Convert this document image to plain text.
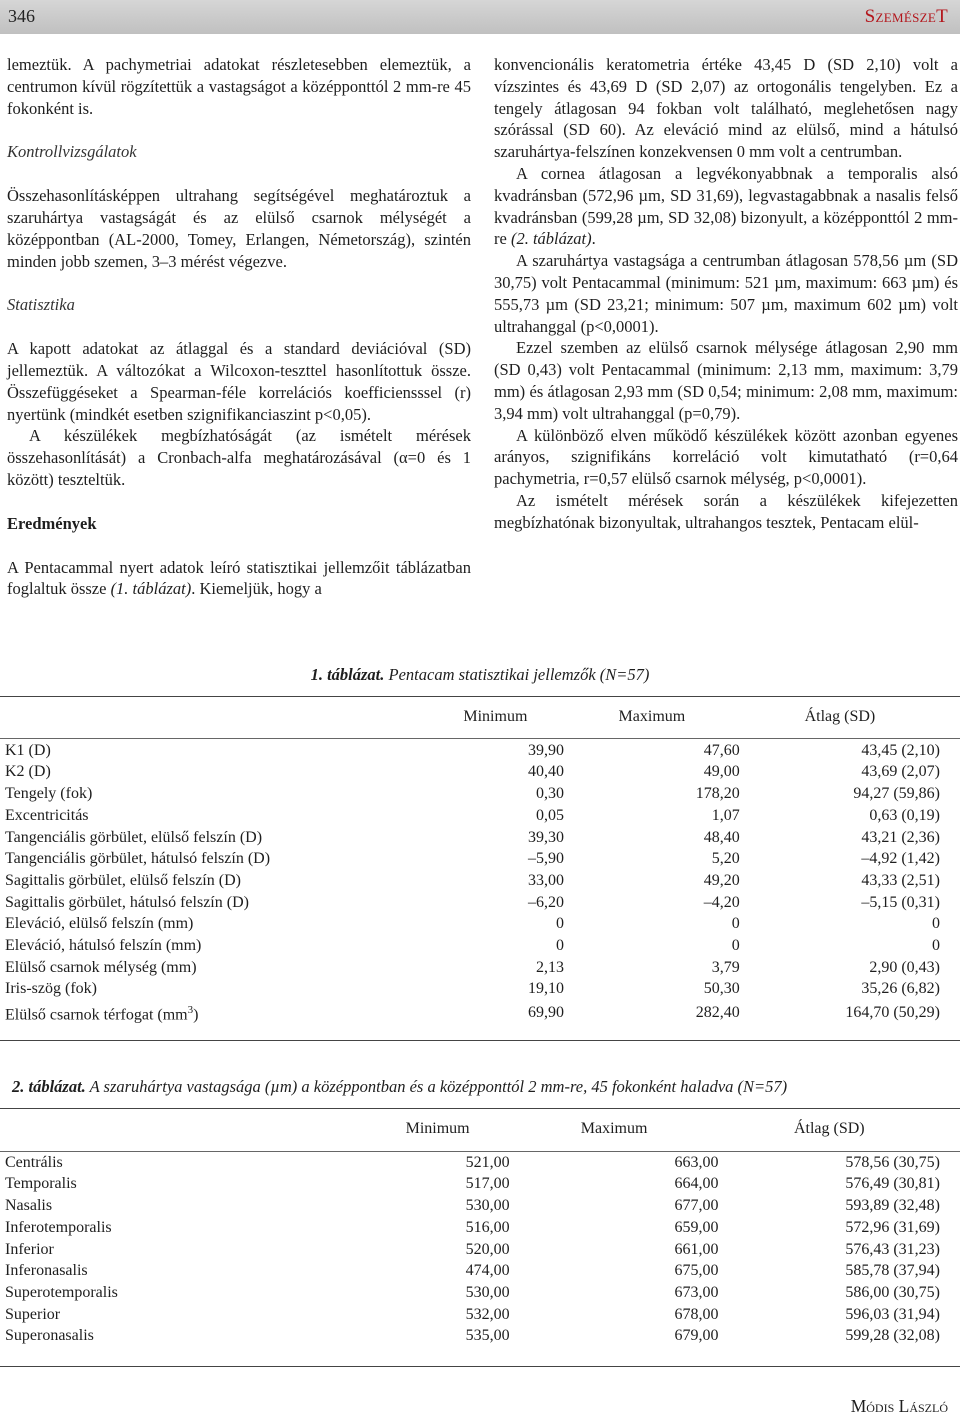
346	SzemészeT

lemeztük. A pachymetriai adatokat részletesebben elemeztük, a centrumon kívül rögzítettük a vastagságot a középponttól 2 mm-re 45 fokonként is.

Kontrollvizsgálatok

Összehasonlításképpen ultrahang segítségével meghatároztuk a szaruhártya vastagságát és az elülső csarnok mélységét a középpontban (AL-2000, Tomey, Erlangen, Németország), szintén minden jobb szemen, 3–3 mérést végezve.

Statisztika

A kapott adatokat az átlaggal és a standard deviációval (SD) jellemeztük. A változókat a Wilcoxon-teszttel hasonlítottuk össze. Összefüggéseket a Spearman-féle korrelációs koefficiensssel (r) nyertünk (mindkét esetben szignifikanciaszint p<0,05).

A készülékek megbízhatóságát (az ismételt mérések összehasonlítását) a Cronbach-alfa meghatározásával (α=0 és 1 között) teszteltük.

Eredmények

A Pentacammal nyert adatok leíró statisztikai jellemzőit táblázatban foglaltuk össze (1. táblázat). Kiemeljük, hogy a

konvencionális keratometria értéke 43,45 D (SD 2,10) volt a vízszintes és 43,69 D (SD 2,07) az ortogonális tengelyben. Ez a tengely átlagosan 94 fokban volt található, meglehetősen nagy szórással (SD 60). Az eleváció mind az elülső, mind a hátulsó szaruhártya-felszínen konzekvensen 0 mm volt a centrumban.

A cornea átlagosan a legvékonyabbnak a temporalis alsó kvadránsban (572,96 µm, SD 31,69), legvastagabbnak a nasalis felső kvadránsban (599,28 µm, SD 32,08) bizonyult, a középponttól 2 mm-re (2. táblázat).

A szaruhártya vastagsága a centrumban átlagosan 578,56 µm (SD 30,75) volt Pentacammal (minimum: 521 µm, maximum: 663 µm) és 555,73 µm (SD 23,21; minimum: 507 µm, maximum 602 µm) volt ultrahanggal (p<0,0001).

Ezzel szemben az elülső csarnok mélysége átlagosan 2,90 mm (SD 0,43) volt Pentacammal (minimum: 2,13 mm, maximum: 3,79 mm) és átlagosan 2,93 mm (SD 0,54; minimum: 2,08 mm, maximum: 3,94 mm) volt ultrahanggal (p=0,79).

A különböző elven működő készülékek között azonban egyenes arányos, szignifikáns korreláció volt kimutatható (r=0,64 pachymetria, r=0,57 elülső csarnok mélység, p<0,0001).

Az ismételt mérések során a készülékek kifejezetten megbízhatónak bizonyultak, ultrahangos tesztek, Pentacam elül-

1. táblázat. Pentacam statisztikai jellemzők (N=57)
	Minimum	Maximum	Átlag (SD)

K1 (D)	39,90	47,60	43,45 (2,10)
K2 (D)	40,40	49,00	43,69 (2,07)
Tengely (fok)	0,30	178,20	94,27 (59,86)
Excentricitás	0,05	1,07	0,63 (0,19)
Tangenciális görbület, elülső felszín (D)	39,30	48,40	43,21 (2,36)
Tangenciális görbület, hátulsó felszín (D)	–5,90	5,20	–4,92 (1,42)
Sagittalis görbület, elülső felszín (D)	33,00	49,20	43,33 (2,51)
Sagittalis görbület, hátulsó felszín (D)	–6,20	–4,20	–5,15 (0,31)
Eleváció, elülső felszín (mm)	0	0	0
Eleváció, hátulsó felszín (mm)	0	0	0
Elülső csarnok mélység (mm)	2,13	3,79	2,90 (0,43)
Iris-szög (fok)	19,10	50,30	35,26 (6,82)
Elülső csarnok térfogat $(mm^3)$	69,90	282,40	164,70 (50,29)
2. táblázat. A szaruhártya vastagsága (µm) a középpontban és a középponttól 2 mm-re, 45 fokonként haladva (N=57)
	Minimum	Maximum	Átlag (SD)

Centrális	521,00	663,00	578,56 (30,75)
Temporalis	517,00	664,00	576,49 (30,81)
Nasalis	530,00	677,00	593,89 (32,48)
Inferotemporalis	516,00	659,00	572,96 (31,69)
Inferior	520,00	661,00	576,43 (31,23)
Inferonasalis	474,00	675,00	585,78 (37,94)
Superotemporalis	530,00	673,00	586,00 (30,75)
Superior	532,00	678,00	596,03 (31,94)
Superonasalis	535,00	679,00	599,28 (32,08)
Módis László
